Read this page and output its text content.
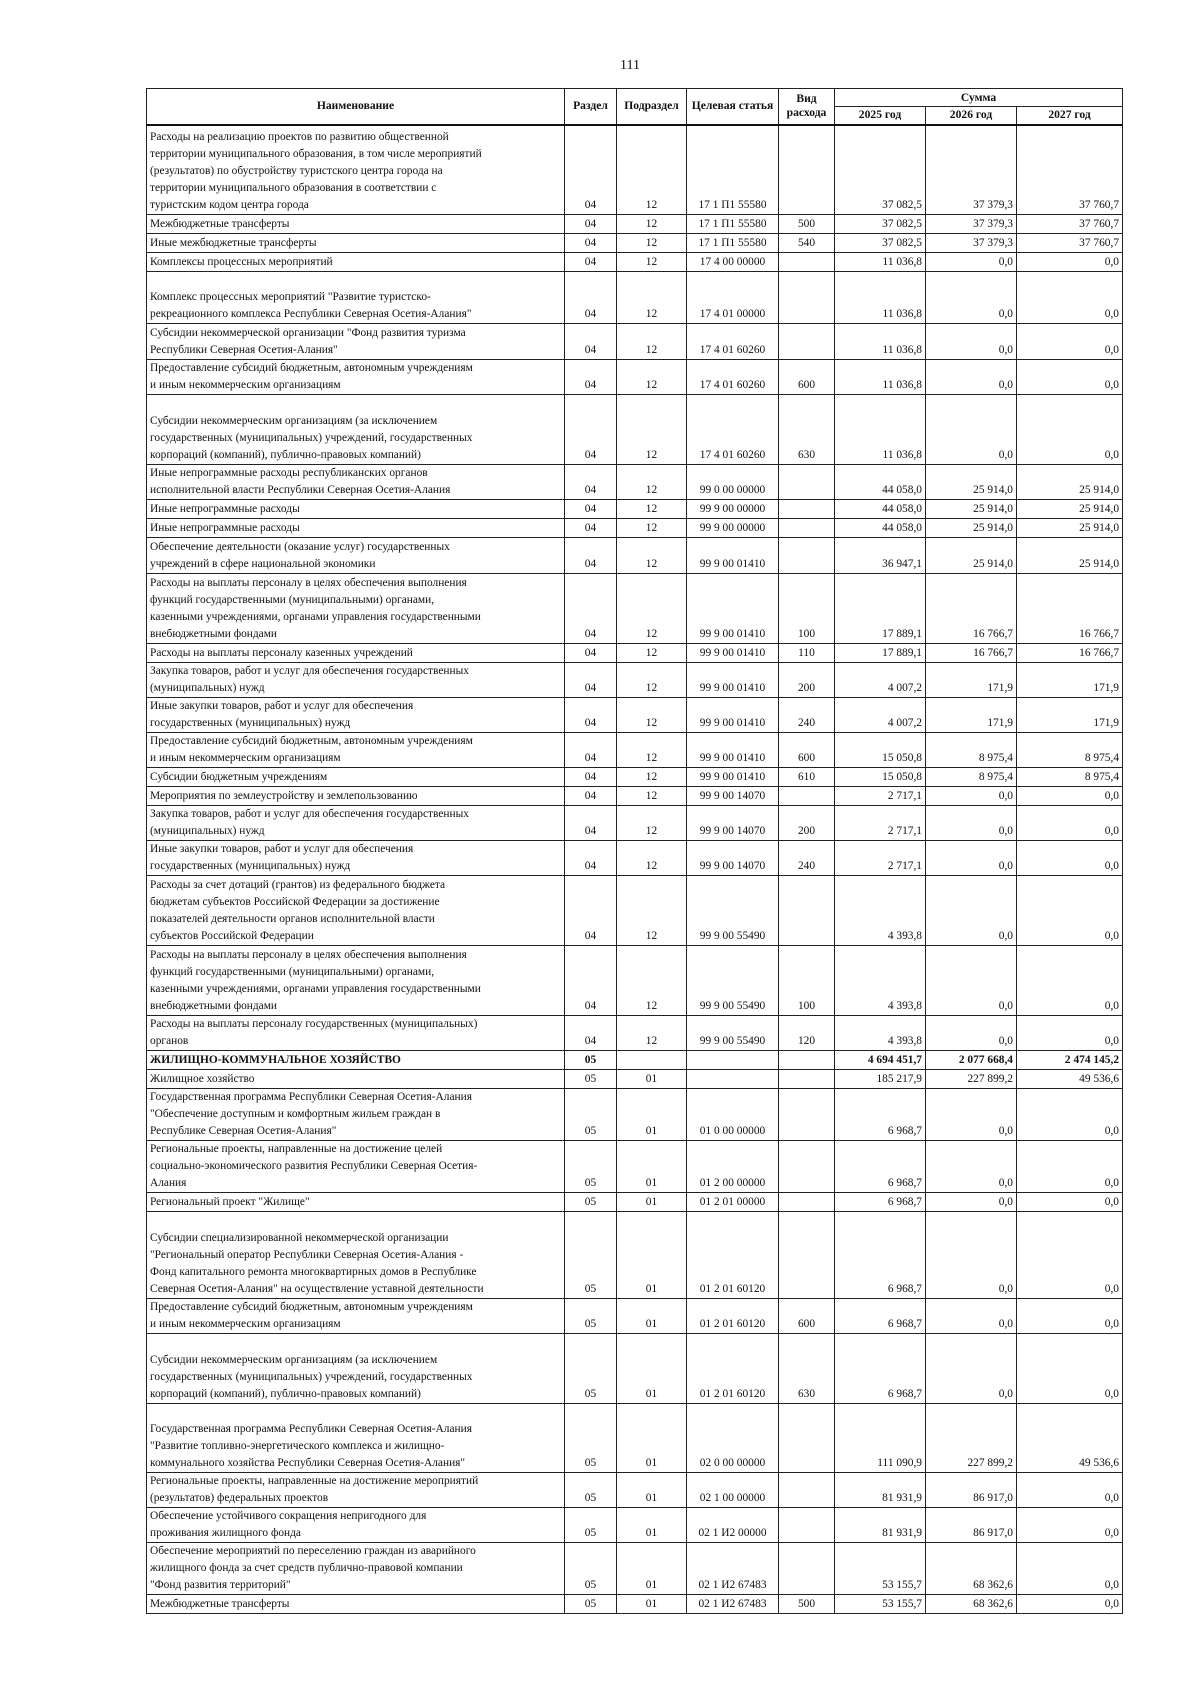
111
Наименование	Раздел	Подраздел	Целевая статья	Вид расхода	Сумма		
					2025 год	2026 год	2027 год
Расходы на реализацию проектов по развитию общественной
территории муниципального образования, в том числе мероприятий
(результатов) по обустройству туристского центра города на
территории муниципального образования в соответствии с
туристским кодом центра города	04	12	17 1 П1 55580		37 082,5	37 379,3	37 760,7
Межбюджетные трансферты	04	12	17 1 П1 55580	500	37 082,5	37 379,3	37 760,7
Иные межбюджетные трансферты	04	12	17 1 П1 55580	540	37 082,5	37 379,3	37 760,7
Комплексы процессных мероприятий	04	12	17 4 00 00000		11 036,8	0,0	0,0
Комплекс процессных мероприятий "Развитие туристско-
рекреационного комплекса Республики Северная Осетия-Алания"	04	12	17 4 01 00000		11 036,8	0,0	0,0
Субсидии некоммерческой организации "Фонд развития туризма
Республики Северная Осетия-Алания"	04	12	17 4 01 60260		11 036,8	0,0	0,0
Предоставление субсидий бюджетным, автономным учреждениям
и иным некоммерческим организациям	04	12	17 4 01 60260	600	11 036,8	0,0	0,0
Субсидии некоммерческим организациям (за исключением
государственных (муниципальных) учреждений, государственных
корпораций (компаний), публично-правовых компаний)	04	12	17 4 01 60260	630	11 036,8	0,0	0,0
Иные непрограммные расходы республиканских органов
исполнительной власти Республики Северная Осетия-Алания	04	12	99 0 00 00000		44 058,0	25 914,0	25 914,0
Иные непрограммные расходы	04	12	99 9 00 00000		44 058,0	25 914,0	25 914,0
Иные непрограммные расходы	04	12	99 9 00 00000		44 058,0	25 914,0	25 914,0
Обеспечение деятельности (оказание услуг) государственных
учреждений в сфере национальной экономики	04	12	99 9 00 01410		36 947,1	25 914,0	25 914,0
Расходы на выплаты персоналу в целях обеспечения выполнения
функций государственными (муниципальными) органами,
казенными учреждениями, органами управления государственными
внебюджетными фондами	04	12	99 9 00 01410	100	17 889,1	16 766,7	16 766,7
Расходы на выплаты персоналу казенных учреждений	04	12	99 9 00 01410	110	17 889,1	16 766,7	16 766,7
Закупка товаров, работ и услуг для обеспечения государственных
(муниципальных) нужд	04	12	99 9 00 01410	200	4 007,2	171,9	171,9
Иные закупки товаров, работ и услуг для обеспечения
государственных (муниципальных) нужд	04	12	99 9 00 01410	240	4 007,2	171,9	171,9
Предоставление субсидий бюджетным, автономным учреждениям
и иным некоммерческим организациям	04	12	99 9 00 01410	600	15 050,8	8 975,4	8 975,4
Субсидии бюджетным учреждениям	04	12	99 9 00 01410	610	15 050,8	8 975,4	8 975,4
Мероприятия по землеустройству и землепользованию	04	12	99 9 00 14070		2 717,1	0,0	0,0
Закупка товаров, работ и услуг для обеспечения государственных
(муниципальных) нужд	04	12	99 9 00 14070	200	2 717,1	0,0	0,0
Иные закупки товаров, работ и услуг для обеспечения
государственных (муниципальных) нужд	04	12	99 9 00 14070	240	2 717,1	0,0	0,0
Расходы за счет дотаций (грантов) из федерального бюджета
бюджетам субъектов Российской Федерации за достижение
показателей деятельности органов исполнительной власти
субъектов Российской Федерации	04	12	99 9 00 55490		4 393,8	0,0	0,0
Расходы на выплаты персоналу в целях обеспечения выполнения
функций государственными (муниципальными) органами,
казенными учреждениями, органами управления государственными
внебюджетными фондами	04	12	99 9 00 55490	100	4 393,8	0,0	0,0
Расходы на выплаты персоналу государственных (муниципальных)
органов	04	12	99 9 00 55490	120	4 393,8	0,0	0,0
ЖИЛИЩНО-КОММУНАЛЬНОЕ ХОЗЯЙСТВО	05				4 694 451,7	2 077 668,4	2 474 145,2
Жилищное хозяйство	05	01			185 217,9	227 899,2	49 536,6
Государственная программа Республики Северная Осетия-Алания
"Обеспечение доступным и комфортным жильем граждан в
Республике Северная Осетия-Алания"	05	01	01 0 00 00000		6 968,7	0,0	0,0
Региональные проекты, направленные на достижение целей
социально-экономического развития Республики Северная Осетия-
Алания	05	01	01 2 00 00000		6 968,7	0,0	0,0
Региональный проект "Жилище"	05	01	01 2 01 00000		6 968,7	0,0	0,0
Субсидии специализированной некоммерческой организации
"Региональный оператор Республики Северная Осетия-Алания -
Фонд капитального ремонта многоквартирных домов в Республике
Северная Осетия-Алания" на осуществление уставной деятельности	05	01	01 2 01 60120		6 968,7	0,0	0,0
Предоставление субсидий бюджетным, автономным учреждениям
и иным некоммерческим организациям	05	01	01 2 01 60120	600	6 968,7	0,0	0,0
Субсидии некоммерческим организациям (за исключением
государственных (муниципальных) учреждений, государственных
корпораций (компаний), публично-правовых компаний)	05	01	01 2 01 60120	630	6 968,7	0,0	0,0
Государственная программа Республики Северная Осетия-Алания
"Развитие топливно-энергетического комплекса и жилищно-
коммунального хозяйства Республики Северная Осетия-Алания"	05	01	02 0 00 00000		111 090,9	227 899,2	49 536,6
Региональные проекты, направленные на достижение мероприятий
(результатов) федеральных проектов	05	01	02 1 00 00000		81 931,9	86 917,0	0,0
Обеспечение устойчивого сокращения непригодного для
проживания жилищного фонда	05	01	02 1 И2 00000		81 931,9	86 917,0	0,0
Обеспечение мероприятий по переселению граждан из аварийного
жилищного фонда за счет средств публично-правовой компании
"Фонд развития территорий"	05	01	02 1 И2 67483		53 155,7	68 362,6	0,0
Межбюджетные трансферты	05	01	02 1 И2 67483	500	53 155,7	68 362,6	0,0
